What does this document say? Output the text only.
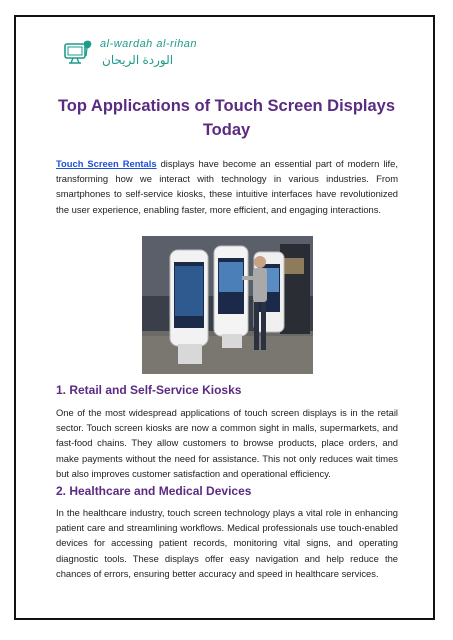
al-wardah al-rihan
الوردة الريحان
Top Applications of Touch Screen Displays
Today
Touch Screen Rentals displays have become an essential part of modern life, transforming how we interact with technology in various industries. From smartphones to self-service kiosks, these intuitive interfaces have revolutionized the user experience, enabling faster, more efficient, and engaging interactions.
1. Retail and Self-Service Kiosks
One of the most widespread applications of touch screen displays is in the retail sector. Touch screen kiosks are now a common sight in malls, supermarkets, and fast-food chains. They allow customers to browse products, place orders, and make payments without the need for assistance. This not only reduces wait times but also improves customer satisfaction and operational efficiency.
2. Healthcare and Medical Devices
In the healthcare industry, touch screen technology plays a vital role in enhancing patient care and streamlining workflows. Medical professionals use touch-enabled devices for accessing patient records, monitoring vital signs, and operating diagnostic tools. These displays offer easy navigation and help reduce the chances of errors, ensuring better accuracy and speed in healthcare services.
